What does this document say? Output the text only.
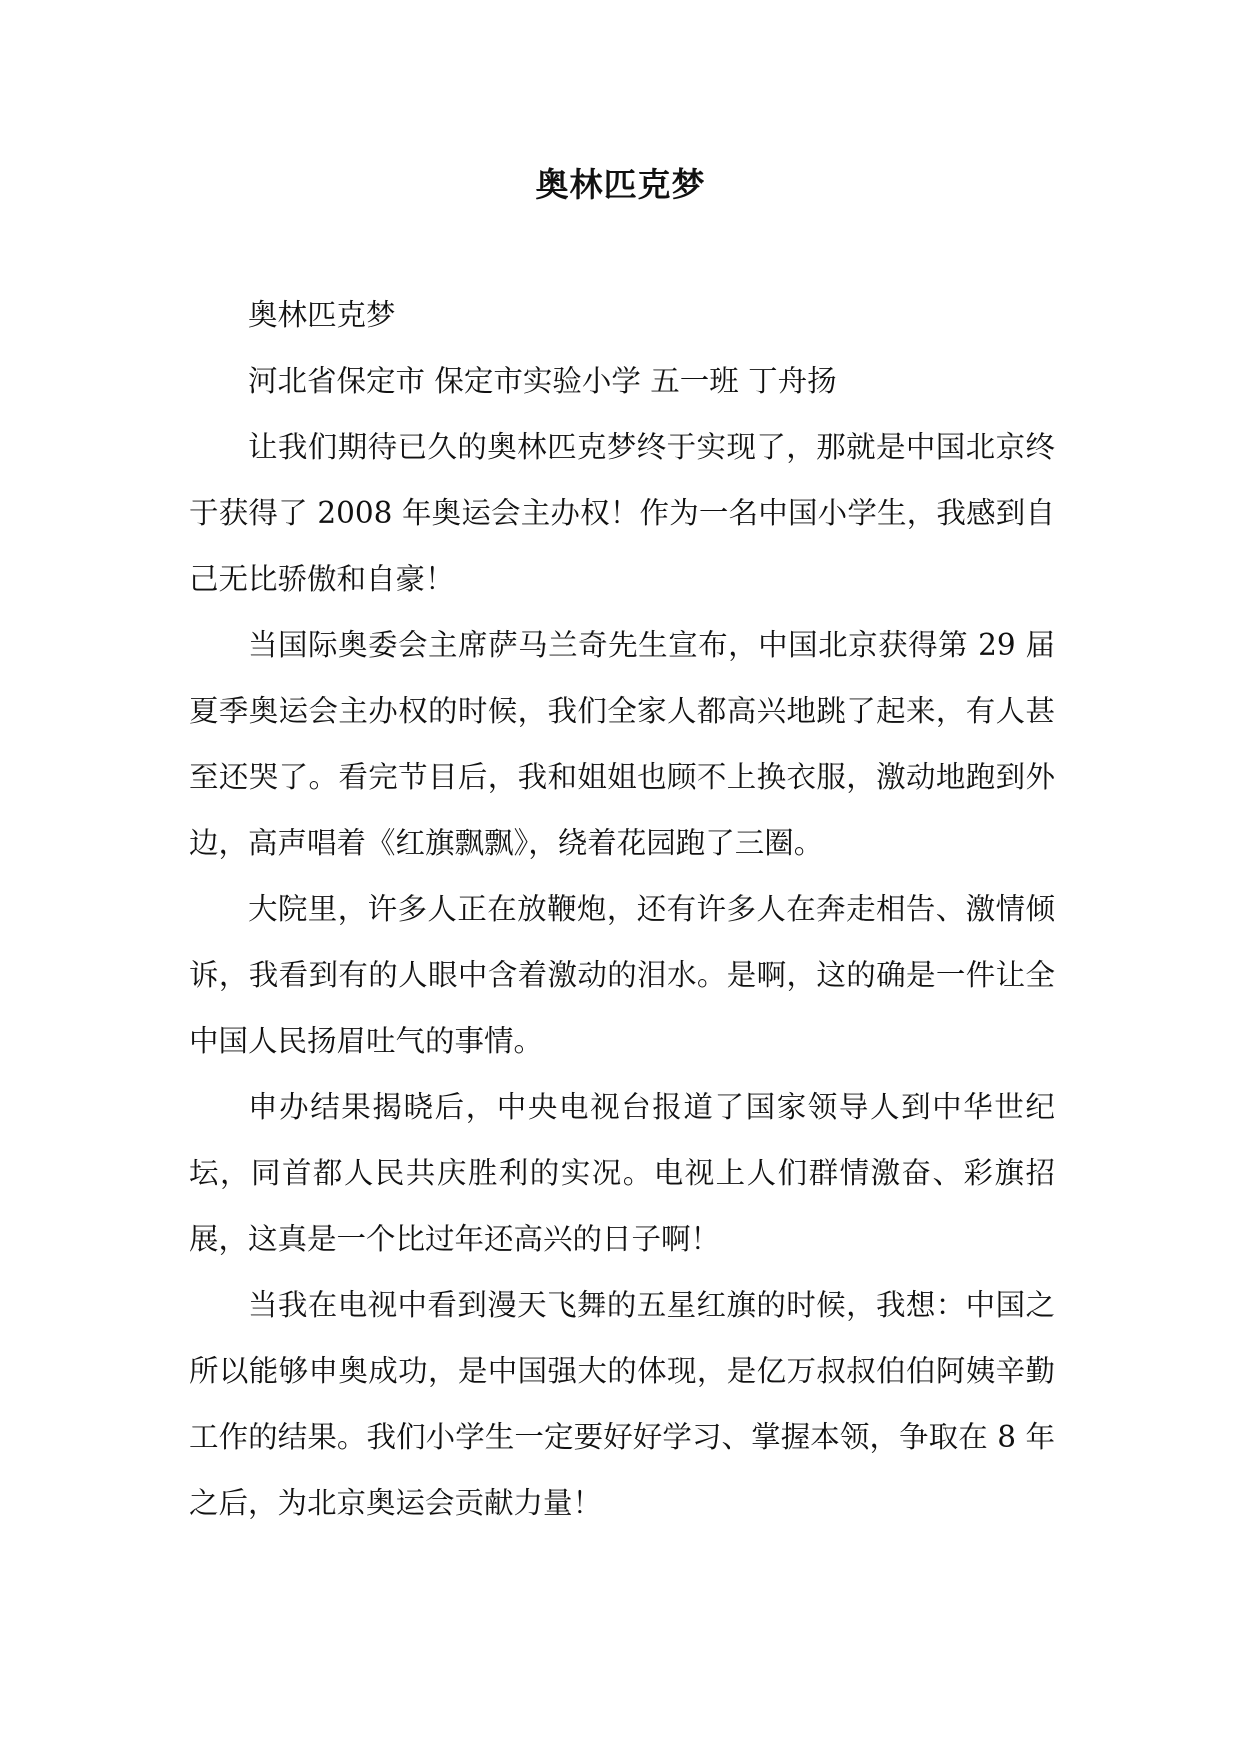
奥林匹克梦

奥林匹克梦

河北省保定市 保定市实验小学 五一班 丁舟扬

让我们期待已久的奥林匹克梦终于实现了，那就是中国北京终于获得了 2008 年奥运会主办权！作为一名中国小学生，我感到自己无比骄傲和自豪！

当国际奥委会主席萨马兰奇先生宣布，中国北京获得第 29 届夏季奥运会主办权的时候，我们全家人都高兴地跳了起来，有人甚至还哭了。看完节目后，我和姐姐也顾不上换衣服，激动地跑到外边，高声唱着《红旗飘飘》，绕着花园跑了三圈。

大院里，许多人正在放鞭炮，还有许多人在奔走相告、激情倾诉，我看到有的人眼中含着激动的泪水。是啊，这的确是一件让全中国人民扬眉吐气的事情。

申办结果揭晓后，中央电视台报道了国家领导人到中华世纪坛，同首都人民共庆胜利的实况。电视上人们群情激奋、彩旗招展，这真是一个比过年还高兴的日子啊！

当我在电视中看到漫天飞舞的五星红旗的时候，我想：中国之所以能够申奥成功，是中国强大的体现，是亿万叔叔伯伯阿姨辛勤工作的结果。我们小学生一定要好好学习、掌握本领，争取在 8 年之后，为北京奥运会贡献力量！
